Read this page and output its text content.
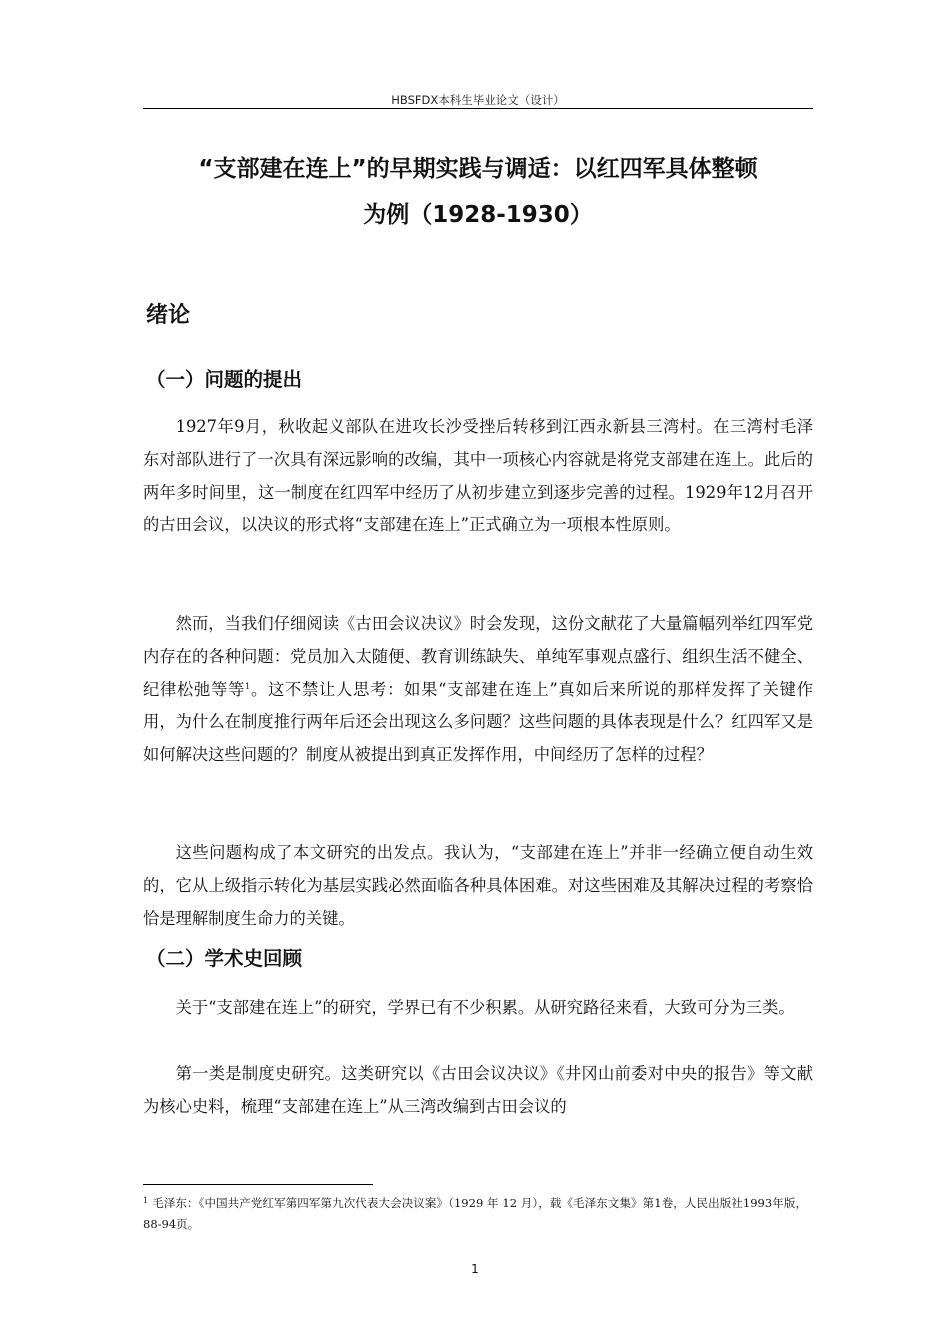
HBSFDX本科生毕业论文（设计）
“支部建在连上”的早期实践与调适：以红四军具体整顿
为例（1928-1930）
绪论
（一）问题的提出

1927年9月，秋收起义部队在进攻长沙受挫后转移到江西永新县三湾村。在三湾村毛泽东对部队进行了一次具有深远影响的改编，其中一项核心内容就是将党支部建在连上。此后的两年多时间里，这一制度在红四军中经历了从初步建立到逐步完善的过程。1929年12月召开的古田会议，以决议的形式将“支部建在连上”正式确立为一项根本性原则。

然而，当我们仔细阅读《古田会议决议》时会发现，这份文献花了大量篇幅列举红四军党内存在的各种问题：党员加入太随便、教育训练缺失、单纯军事观点盛行、组织生活不健全、纪律松弛等等$^1$。这不禁让人思考：如果“支部建在连上”真如后来所说的那样发挥了关键作用，为什么在制度推行两年后还会出现这么多问题？这些问题的具体表现是什么？红四军又是如何解决这些问题的？制度从被提出到真正发挥作用，中间经历了怎样的过程？

这些问题构成了本文研究的出发点。我认为，“支部建在连上”并非一经确立便自动生效的，它从上级指示转化为基层实践必然面临各种具体困难。对这些困难及其解决过程的考察恰恰是理解制度生命力的关键。

（二）学术史回顾

关于“支部建在连上”的研究，学界已有不少积累。从研究路径来看，大致可分为三类。

第一类是制度史研究。这类研究以《古田会议决议》《井冈山前委对中央的报告》等文献为核心史料，梳理“支部建在连上”从三湾改编到古田会议的

$^1$ 毛泽东：《中国共产党红军第四军第九次代表大会决议案》（1929 年 12 月），载《毛泽东文集》第1卷，人民出版社1993年版，88-94页。

1
